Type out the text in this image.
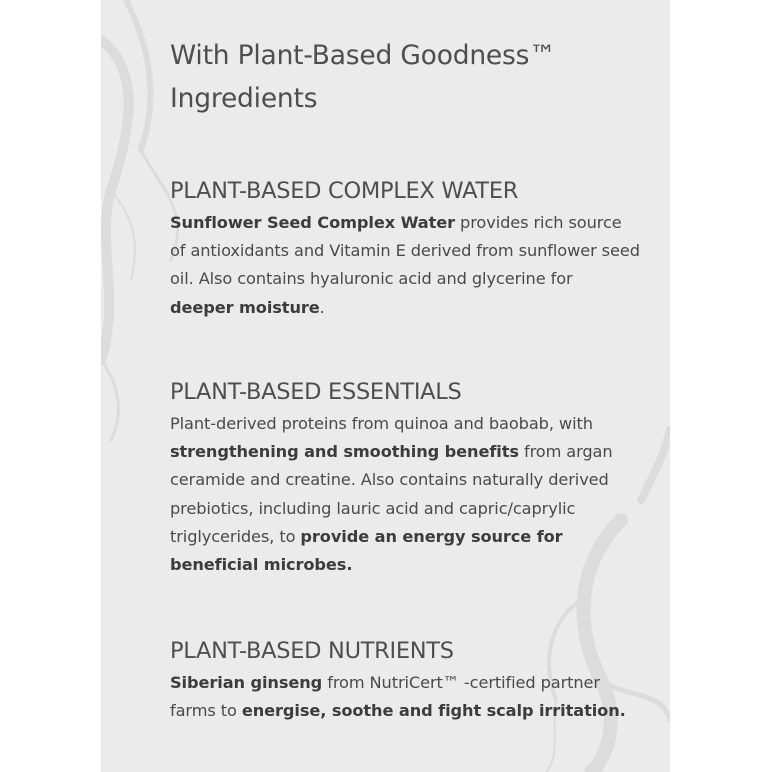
With Plant-Based Goodness™
Ingredients
PLANT-BASED COMPLEX WATER

Sunflower Seed Complex Water provides rich source of antioxidants and Vitamin E derived from sunflower seed oil. Also contains hyaluronic acid and glycerine for deeper moisture.

PLANT-BASED ESSENTIALS

Plant-derived proteins from quinoa and baobab, with strengthening and smoothing benefits from argan ceramide and creatine. Also contains naturally derived prebiotics, including lauric acid and capric/caprylic triglycerides, to provide an energy source for beneficial microbes.

PLANT-BASED NUTRIENTS

Siberian ginseng from NutriCert™ -certified partner farms to energise, soothe and fight scalp irritation.
